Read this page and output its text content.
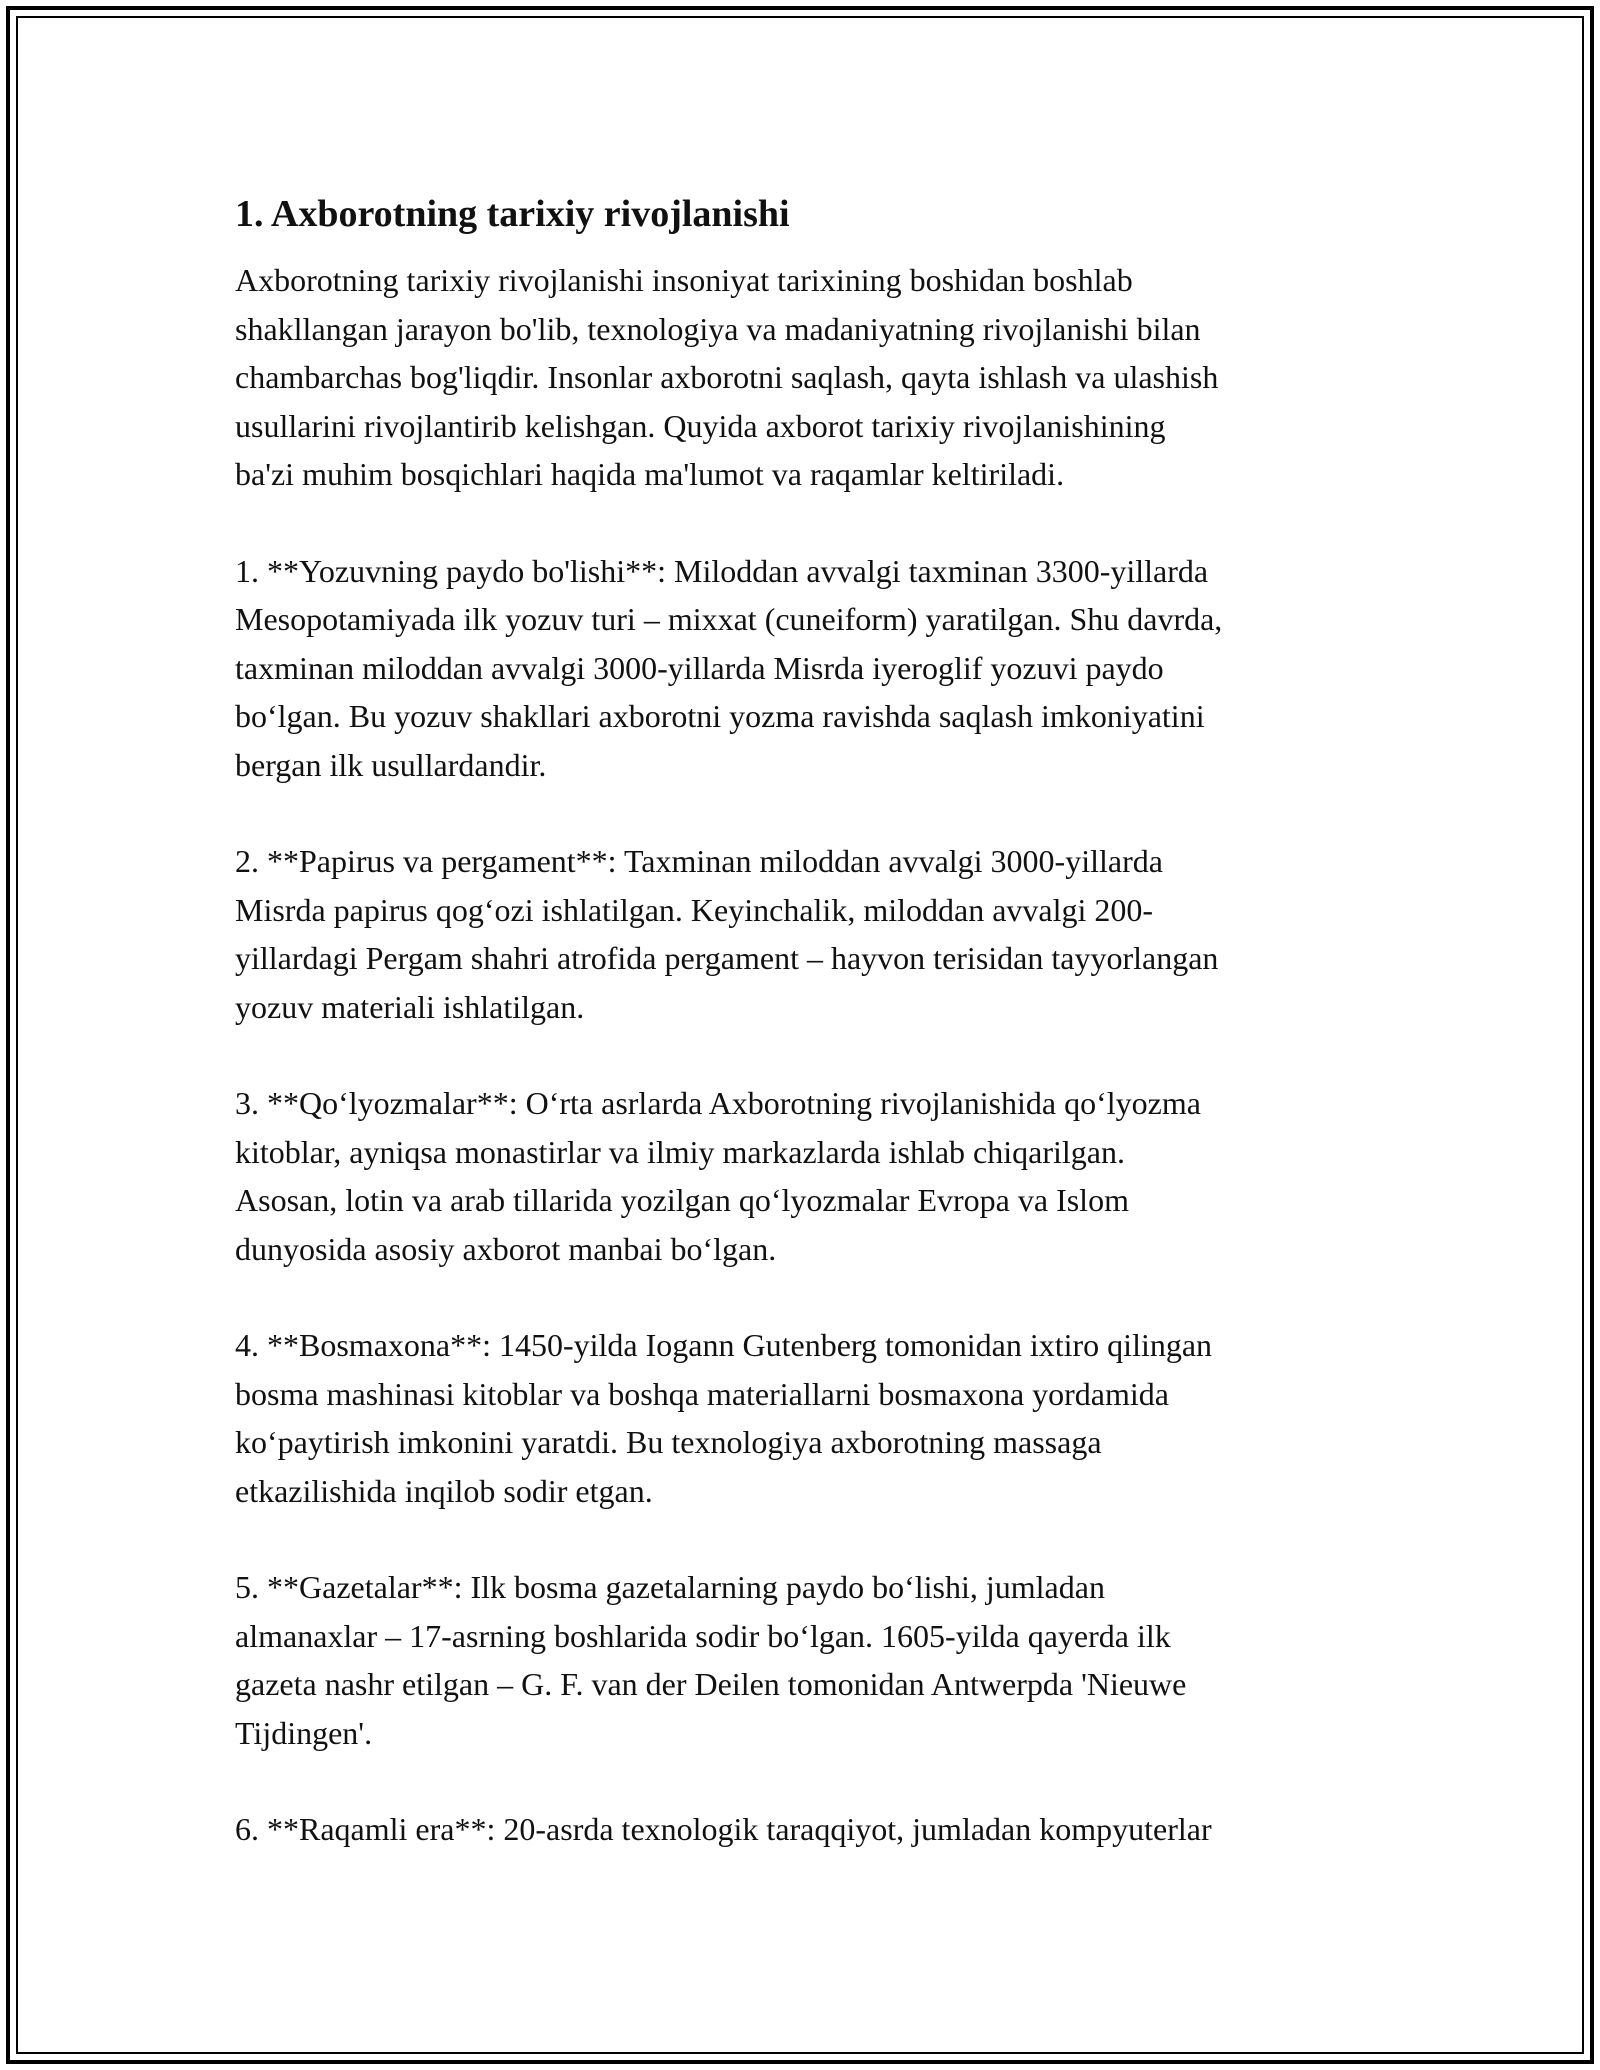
1. Axborotning tarixiy rivojlanishi

Axborotning tarixiy rivojlanishi insoniyat tarixining boshidan boshlab
shakllangan jarayon bo'lib, texnologiya va madaniyatning rivojlanishi bilan
chambarchas bog'liqdir. Insonlar axborotni saqlash, qayta ishlash va ulashish
usullarini rivojlantirib kelishgan. Quyida axborot tarixiy rivojlanishining
ba'zi muhim bosqichlari haqida ma'lumot va raqamlar keltiriladi.

1. **Yozuvning paydo bo'lishi**: Miloddan avvalgi taxminan 3300-yillarda
Mesopotamiyada ilk yozuv turi – mixxat (cuneiform) yaratilgan. Shu davrda,
taxminan miloddan avvalgi 3000-yillarda Misrda iyeroglif yozuvi paydo
bo‘lgan. Bu yozuv shakllari axborotni yozma ravishda saqlash imkoniyatini
bergan ilk usullardandir.

2. **Papirus va pergament**: Taxminan miloddan avvalgi 3000-yillarda
Misrda papirus qog‘ozi ishlatilgan. Keyinchalik, miloddan avvalgi 200-
yillardagi Pergam shahri atrofida pergament – hayvon terisidan tayyorlangan
yozuv materiali ishlatilgan.

3. **Qo‘lyozmalar**: O‘rta asrlarda Axborotning rivojlanishida qo‘lyozma
kitoblar, ayniqsa monastirlar va ilmiy markazlarda ishlab chiqarilgan.
Asosan, lotin va arab tillarida yozilgan qo‘lyozmalar Evropa va Islom
dunyosida asosiy axborot manbai bo‘lgan.

4. **Bosmaxona**: 1450-yilda Iogann Gutenberg tomonidan ixtiro qilingan
bosma mashinasi kitoblar va boshqa materiallarni bosmaxona yordamida
ko‘paytirish imkonini yaratdi. Bu texnologiya axborotning massaga
etkazilishida inqilob sodir etgan.

5. **Gazetalar**: Ilk bosma gazetalarning paydo bo‘lishi, jumladan
almanaxlar – 17-asrning boshlarida sodir bo‘lgan. 1605-yilda qayerda ilk
gazeta nashr etilgan – G. F. van der Deilen tomonidan Antwerpda 'Nieuwe
Tijdingen'.

6. **Raqamli era**: 20-asrda texnologik taraqqiyot, jumladan kompyuterlar
